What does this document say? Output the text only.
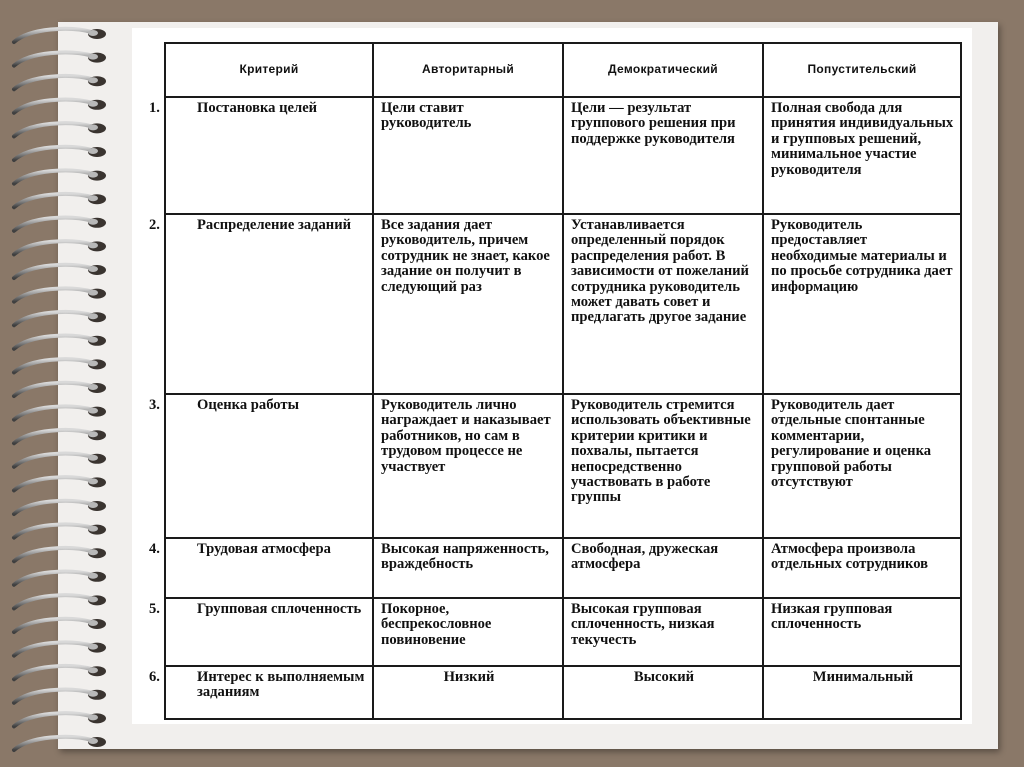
Критерий	Авторитарный	Демократический	Попустительский

1. Постановка целей	Цели ставит руководитель	Цели — результат группового решения при поддержке руководителя	Полная свобода для принятия индивидуальных и групповых решений, минимальное участие руководителя

2. Распределение заданий	Все задания дает руководитель, причем сотрудник не знает, какое задание он получит в следующий раз	Устанавливается определенный порядок распределения работ. В зависимости от пожеланий сотрудника руководитель может давать совет и предлагать другое задание	Руководитель предоставляет необходимые материалы и по просьбе сотрудника дает информацию

3. Оценка работы	Руководитель лично награждает и наказывает работников, но сам в трудовом процессе не участвует	Руководитель стремится использовать объективные критерии критики и похвалы, пытается непосредственно участвовать в работе группы	Руководитель дает отдельные спонтанные комментарии, регулирование и оценка групповой работы отсутствуют

4. Трудовая атмосфера	Высокая напряженность, враждебность	Свободная, дружеская атмосфера	Атмосфера произвола отдельных сотрудников

5. Групповая сплоченность	Покорное, беспрекословное повиновение	Высокая групповая сплоченность, низкая текучесть	Низкая групповая сплоченность

6. Интерес к выполняемым заданиям	Низкий	Высокий	Минимальный
